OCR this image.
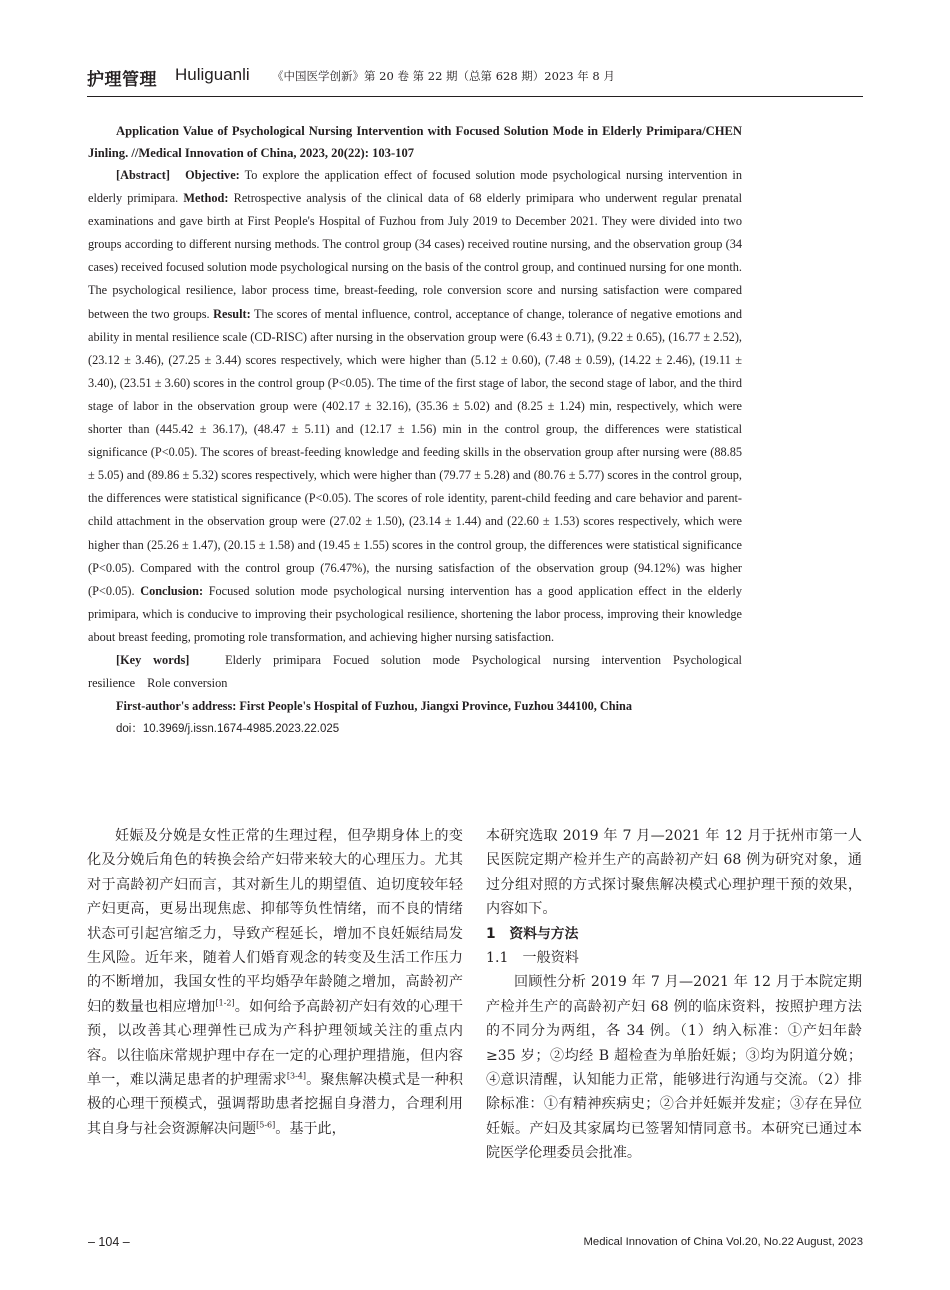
护理管理 Huliguanli 《中国医学创新》第 20 卷 第 22 期（总第 628 期）2023 年 8 月

Application Value of Psychological Nursing Intervention with Focused Solution Mode in Elderly Primipara/CHEN Jinling. //Medical Innovation of China, 2023, 20(22): 103-107

[Abstract] Objective: To explore the application effect of focused solution mode psychological nursing intervention in elderly primipara. Method: Retrospective analysis of the clinical data of 68 elderly primipara who underwent regular prenatal examinations and gave birth at First People's Hospital of Fuzhou from July 2019 to December 2021. They were divided into two groups according to different nursing methods. The control group (34 cases) received routine nursing, and the observation group (34 cases) received focused solution mode psychological nursing on the basis of the control group, and continued nursing for one month. The psychological resilience, labor process time, breast-feeding, role conversion score and nursing satisfaction were compared between the two groups. Result: The scores of mental influence, control, acceptance of change, tolerance of negative emotions and ability in mental resilience scale (CD-RISC) after nursing in the observation group were (6.43 ± 0.71), (9.22 ± 0.65), (16.77 ± 2.52), (23.12 ± 3.46), (27.25 ± 3.44) scores respectively, which were higher than (5.12 ± 0.60), (7.48 ± 0.59), (14.22 ± 2.46), (19.11 ± 3.40), (23.51 ± 3.60) scores in the control group (P<0.05). The time of the first stage of labor, the second stage of labor, and the third stage of labor in the observation group were (402.17 ± 32.16), (35.36 ± 5.02) and (8.25 ± 1.24) min, respectively, which were shorter than (445.42 ± 36.17), (48.47 ± 5.11) and (12.17 ± 1.56) min in the control group, the differences were statistical significance (P<0.05). The scores of breast-feeding knowledge and feeding skills in the observation group after nursing were (88.85 ± 5.05) and (89.86 ± 5.32) scores respectively, which were higher than (79.77 ± 5.28) and (80.76 ± 5.77) scores in the control group, the differences were statistical significance (P<0.05). The scores of role identity, parent-child feeding and care behavior and parent-child attachment in the observation group were (27.02 ± 1.50), (23.14 ± 1.44) and (22.60 ± 1.53) scores respectively, which were higher than (25.26 ± 1.47), (20.15 ± 1.58) and (19.45 ± 1.55) scores in the control group, the differences were statistical significance (P<0.05). Compared with the control group (76.47%), the nursing satisfaction of the observation group (94.12%) was higher (P<0.05). Conclusion: Focused solution mode psychological nursing intervention has a good application effect in the elderly primipara, which is conducive to improving their psychological resilience, shortening the labor process, improving their knowledge about breast feeding, promoting role transformation, and achieving higher nursing satisfaction.

[Key words]	Elderly primipara Focued solution mode Psychological nursing intervention Psychological resilience Role conversion

First-author's address: First People's Hospital of Fuzhou, Jiangxi Province, Fuzhou 344100, China

doi：10.3969/j.issn.1674-4985.2023.22.025

妊娠及分娩是女性正常的生理过程，但孕期身体上的变化及分娩后角色的转换会给产妇带来较大的心理压力。尤其对于高龄初产妇而言，其对新生儿的期望值、迫切度较年轻产妇更高，更易出现焦虑、抑郁等负性情绪，而不良的情绪状态可引起宫缩乏力，导致产程延长，增加不良妊娠结局发生风险。近年来，随着人们婚育观念的转变及生活工作压力的不断增加，我国女性的平均婚孕年龄随之增加，高龄初产妇的数量也相应增加[1-2]。如何给予高龄初产妇有效的心理干预，以改善其心理弹性已成为产科护理领域关注的重点内容。以往临床常规护理中存在一定的心理护理措施，但内容单一，难以满足患者的护理需求[3-4]。聚焦解决模式是一种积极的心理干预模式，强调帮助患者挖掘自身潜力，合理利用其自身与社会资源解决问题[5-6]。基于此，

本研究选取 2019 年 7 月—2021 年 12 月于抚州市第一人民医院定期产检并生产的高龄初产妇 68 例为研究对象，通过分组对照的方式探讨聚焦解决模式心理护理干预的效果，内容如下。

1　资料与方法

1.1　一般资料

回顾性分析 2019 年 7 月—2021 年 12 月于本院定期产检并生产的高龄初产妇 68 例的临床资料，按照护理方法的不同分为两组，各 34 例。（1）纳入标准：①产妇年龄≥35 岁；②均经 B 超检查为单胎妊娠；③均为阴道分娩；④意识清醒，认知能力正常，能够进行沟通与交流。（2）排除标准：①有精神疾病史；②合并妊娠并发症；③存在异位妊娠。产妇及其家属均已签署知情同意书。本研究已通过本院医学伦理委员会批准。

– 104 –	Medical Innovation of China Vol.20, No.22 August, 2023
